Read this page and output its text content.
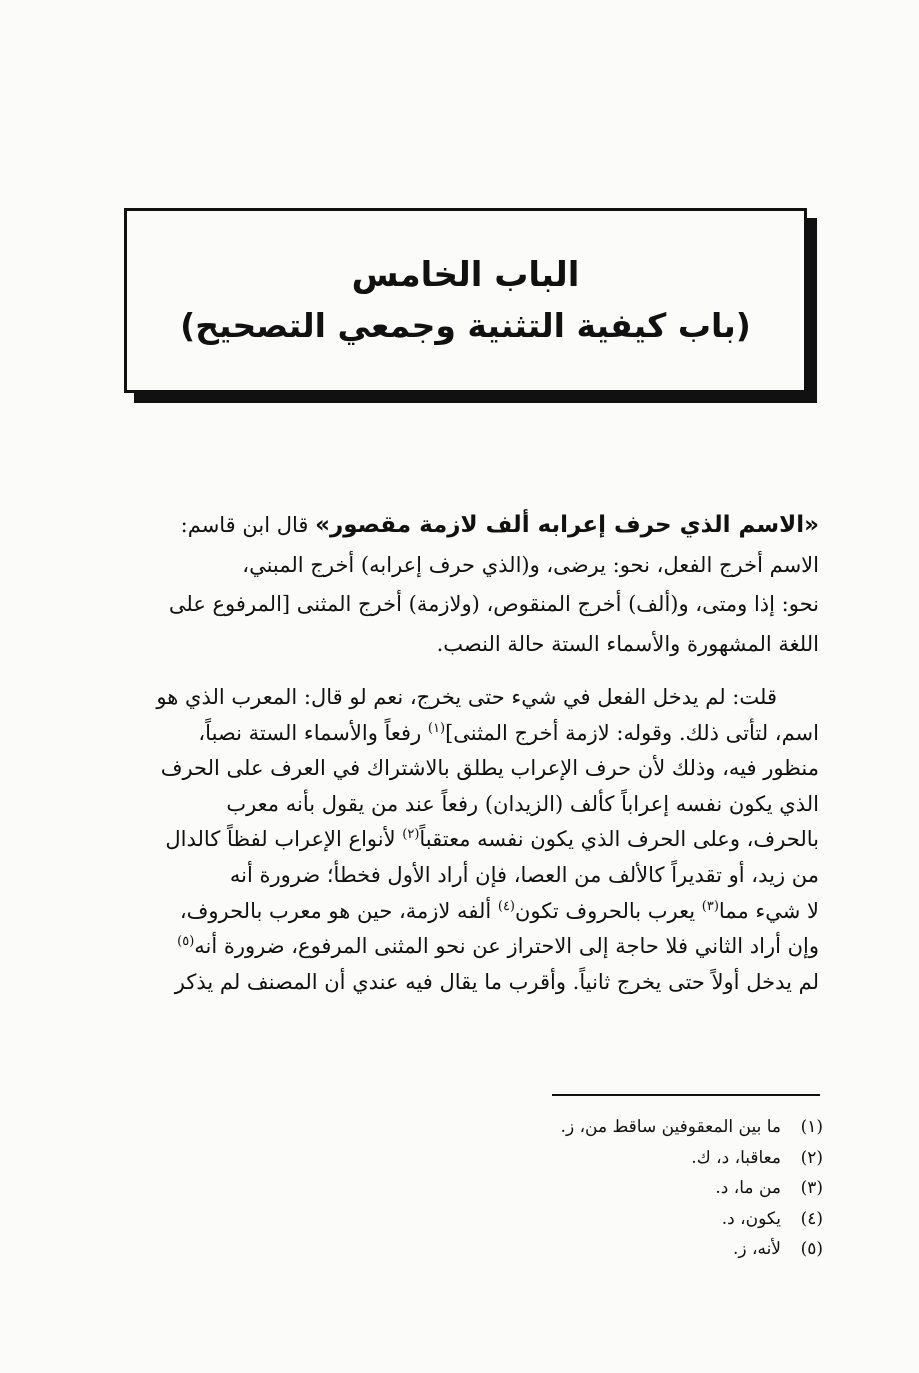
الباب الخامس
(باب كيفية التثنية وجمعي التصحيح)
«الاسم الذي حرف إعرابه ألف لازمة مقصور» قال ابن قاسم:
الاسم أخرج الفعل، نحو: يرضى، و(الذي حرف إعرابه) أخرج المبني،
نحو: إذا ومتى، و(ألف) أخرج المنقوص، (ولازمة) أخرج المثنى [المرفوع على
اللغة المشهورة والأسماء الستة حالة النصب.
قلت: لم يدخل الفعل في شيء حتى يخرج، نعم لو قال: المعرب الذي هو
اسم، لتأتى ذلك. وقوله: لازمة أخرج المثنى]$^{(١)}$ رفعاً والأسماء الستة نصباً،
منظور فيه، وذلك لأن حرف الإعراب يطلق بالاشتراك في العرف على الحرف
الذي يكون نفسه إعراباً كألف (الزيدان) رفعاً عند من يقول بأنه معرب
بالحرف، وعلى الحرف الذي يكون نفسه معتقباً$^{(٢)}$ لأنواع الإعراب لفظاً كالدال
من زيد، أو تقديراً كالألف من العصا، فإن أراد الأول فخطأ؛ ضرورة أنه
لا شيء مما$^{(٣)}$ يعرب بالحروف تكون$^{(٤)}$ ألفه لازمة، حين هو معرب بالحروف،
وإن أراد الثاني فلا حاجة إلى الاحتراز عن نحو المثنى المرفوع، ضرورة أنه$^{(٥)}$
لم يدخل أولاً حتى يخرج ثانياً. وأقرب ما يقال فيه عندي أن المصنف لم يذكر
(١)ما بين المعقوفين ساقط من، ز.
(٢)معاقبا، د، ك.
(٣)من ما، د.
(٤)يكون، د.
(٥)لأنه، ز.
